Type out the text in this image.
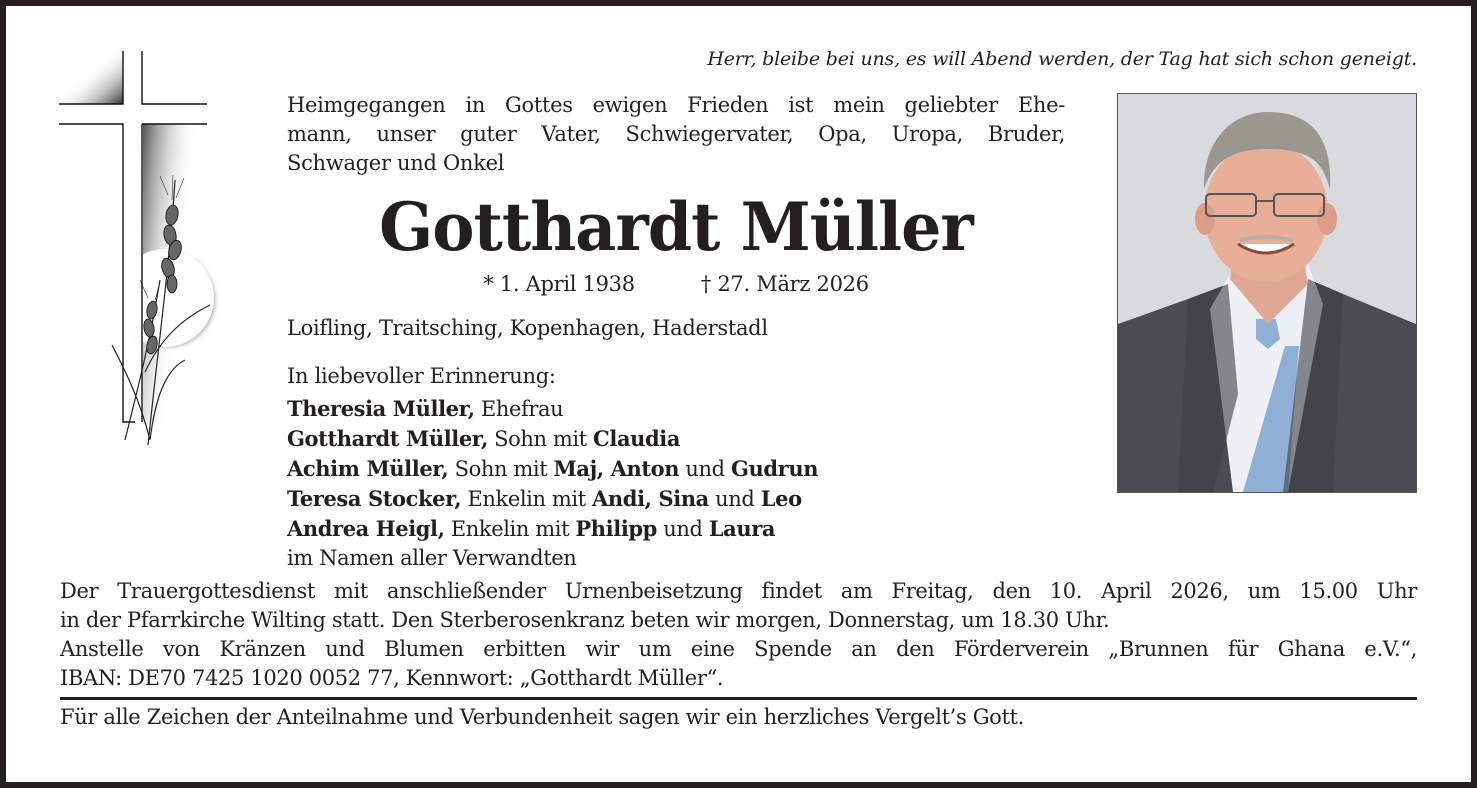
Herr, bleibe bei uns, es will Abend werden, der Tag hat sich schon geneigt.
Heimgegangen in Gottes ewigen Frieden ist mein geliebter Ehe-
mann, unser guter Vater, Schwiegervater, Opa, Uropa, Bruder,
Schwager und Onkel
Gotthardt Müller
* 1. April 1938	† 27. März 2026
Loifling, Traitsching, Kopenhagen, Haderstadl
In liebevoller Erinnerung:
Theresia Müller, Ehefrau
Gotthardt Müller, Sohn mit Claudia
Achim Müller, Sohn mit Maj, Anton und Gudrun
Teresa Stocker, Enkelin mit Andi, Sina und Leo
Andrea Heigl, Enkelin mit Philipp und Laura
im Namen aller Verwandten
Der Trauergottesdienst mit anschließender Urnenbeisetzung findet am Freitag, den 10. April 2026, um 15.00 Uhr
in der Pfarrkirche Wilting statt. Den Sterberosenkranz beten wir morgen, Donnerstag, um 18.30 Uhr.
Anstelle von Kränzen und Blumen erbitten wir um eine Spende an den Förderverein „Brunnen für Ghana e.V.“,
IBAN: DE70 7425 1020 0052 77, Kennwort: „Gotthardt Müller“.
Für alle Zeichen der Anteilnahme und Verbundenheit sagen wir ein herzliches Vergelt’s Gott.
